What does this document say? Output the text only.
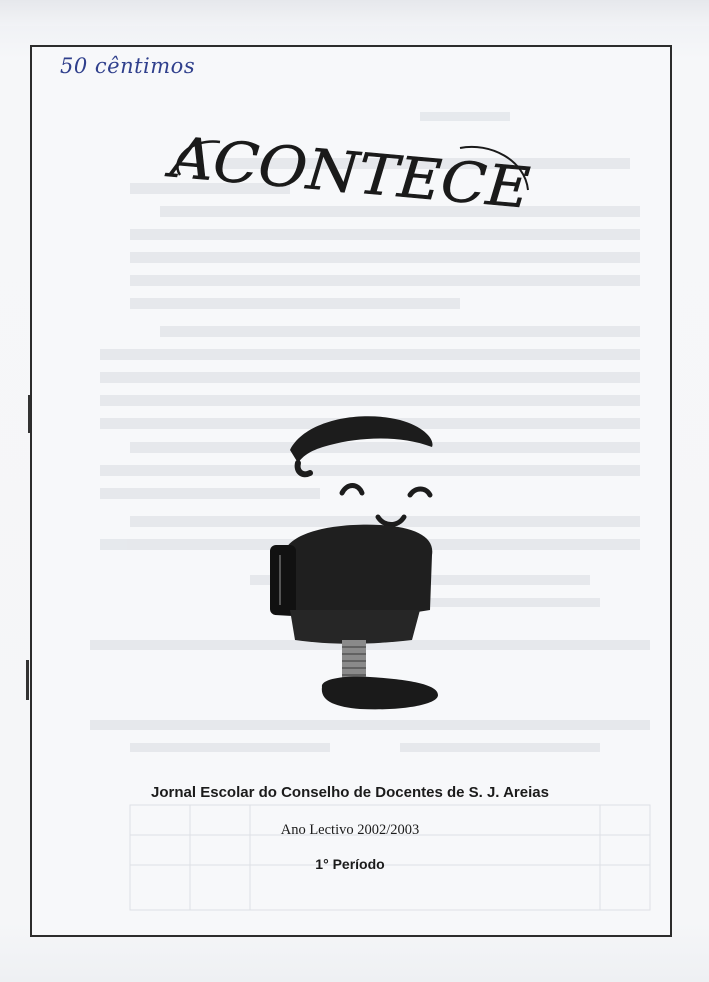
50 cêntimos
ACONTECE
Jornal Escolar do Conselho de Docentes de S. J. Areias
Ano Lectivo 2002/2003
1° Período
